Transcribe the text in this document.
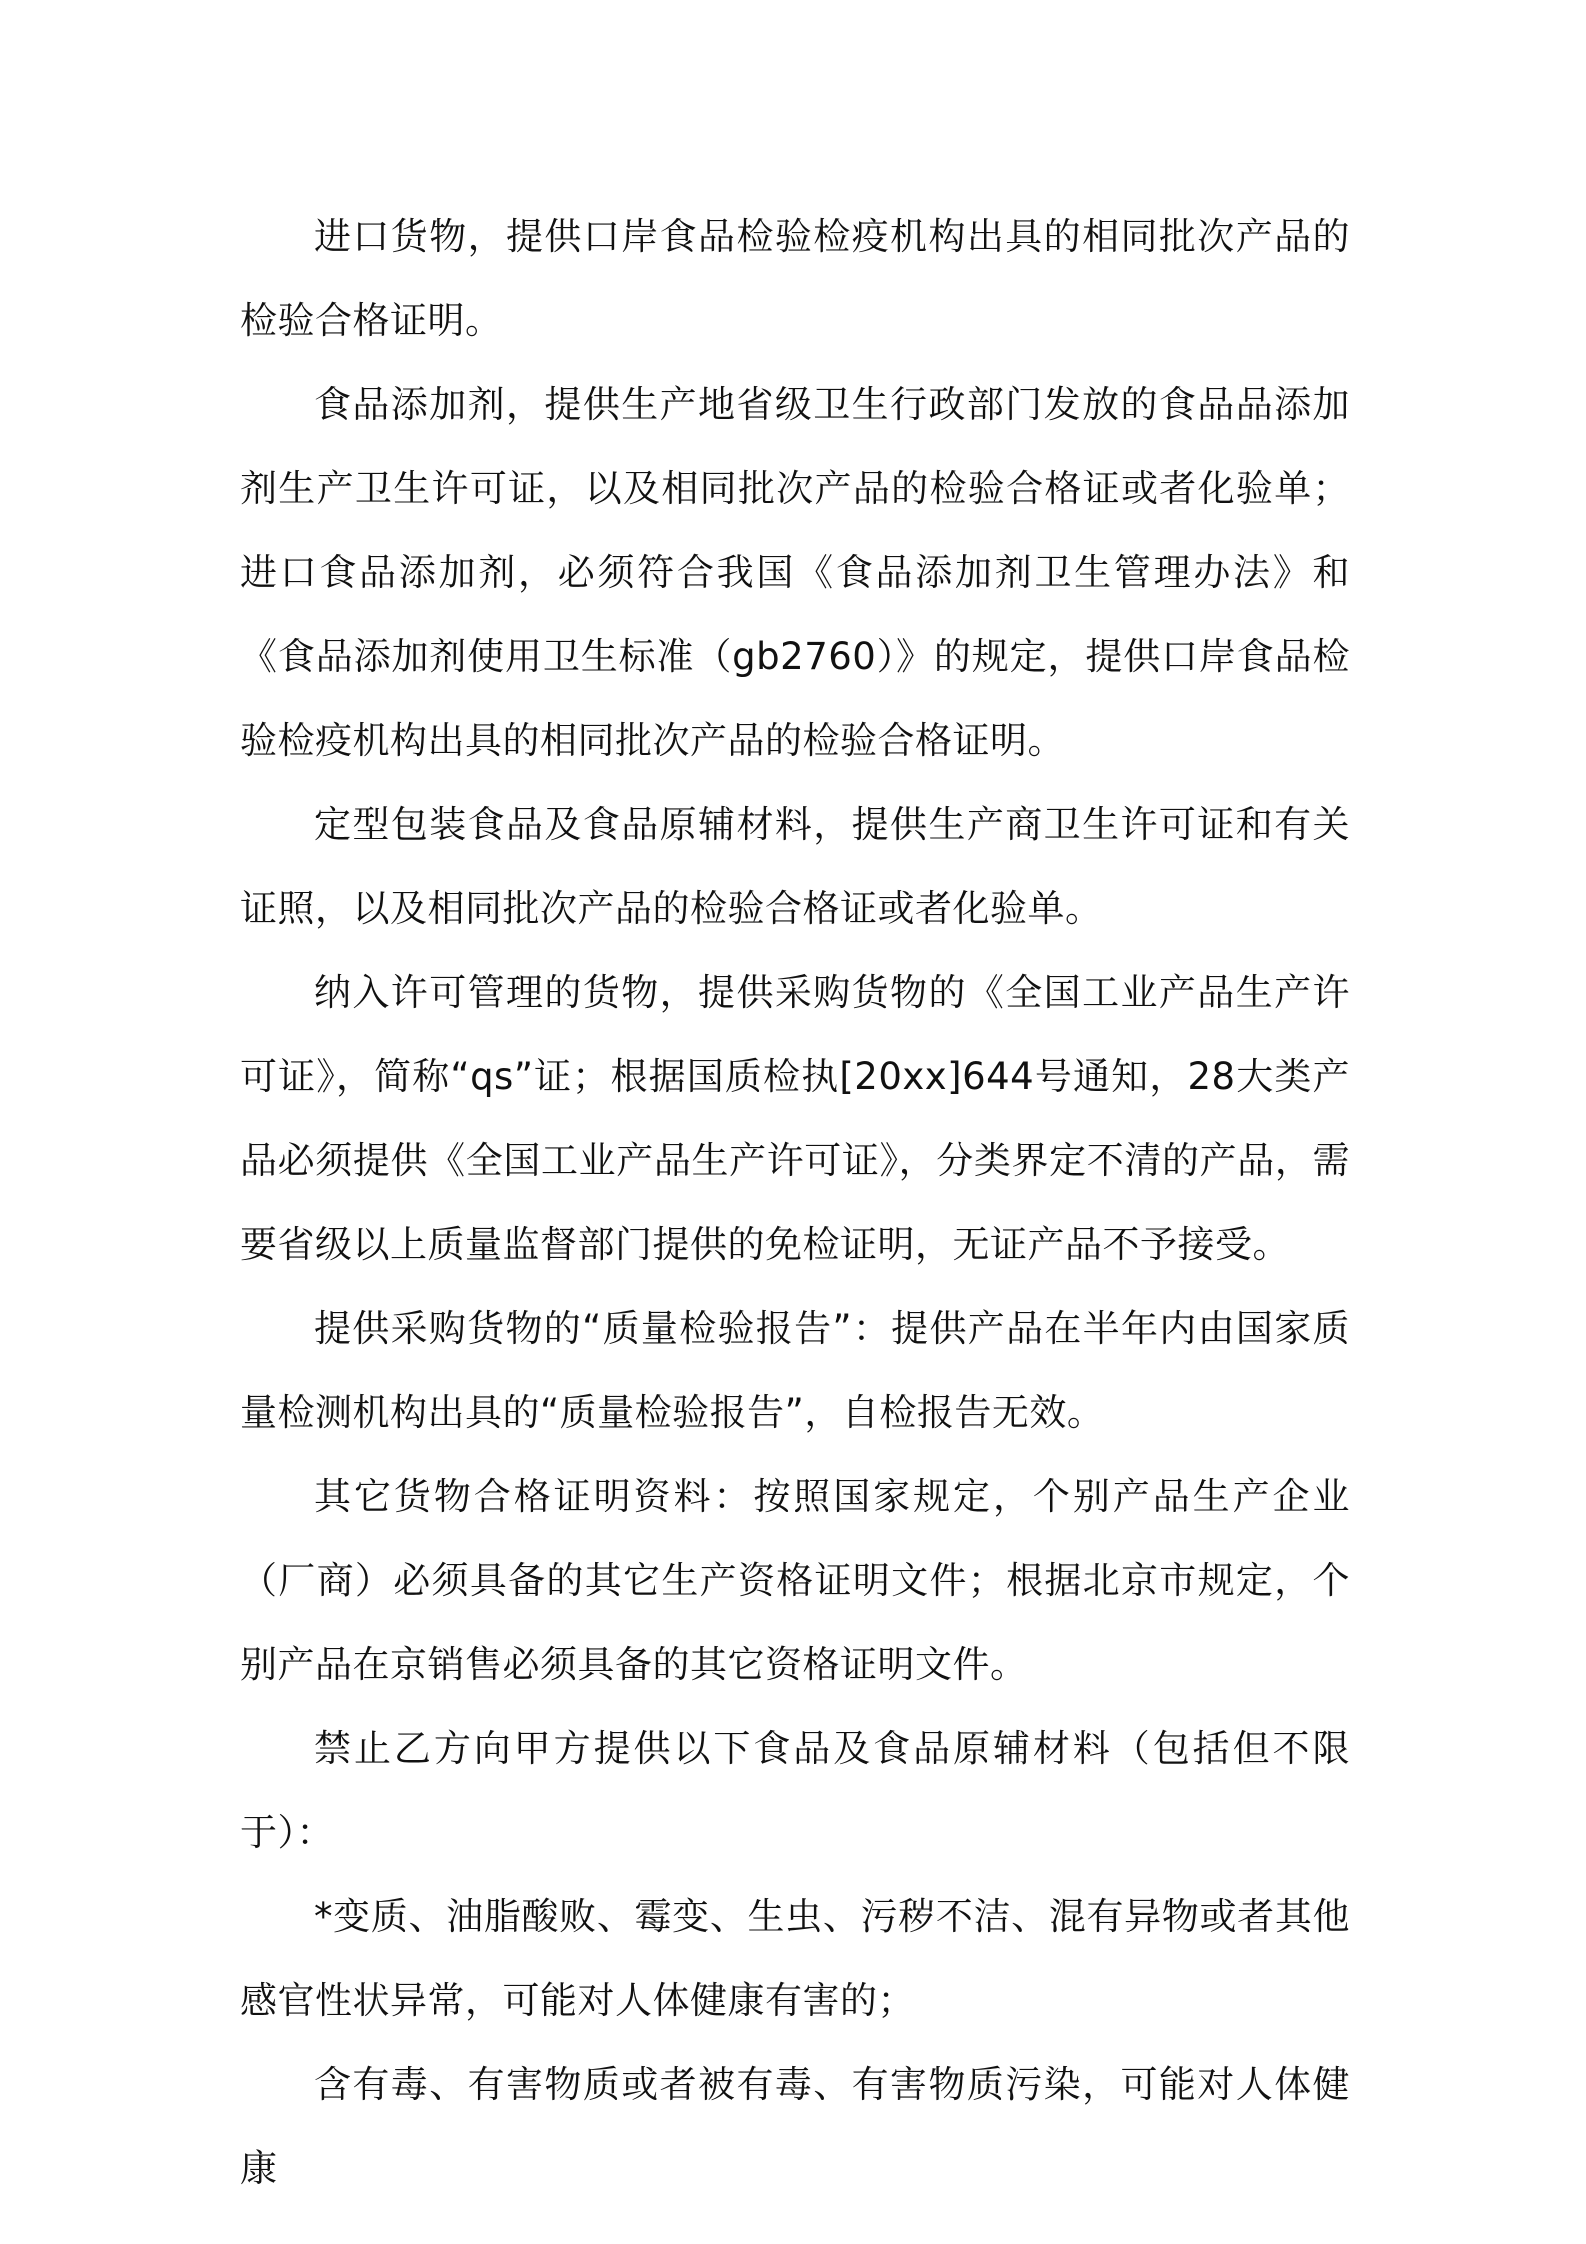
进口货物，提供口岸食品检验检疫机构出具的相同批次产品的检验合格证明。

食品添加剂，提供生产地省级卫生行政部门发放的食品品添加剂生产卫生许可证，以及相同批次产品的检验合格证或者化验单；进口食品添加剂，必须符合我国《食品添加剂卫生管理办法》和《食品添加剂使用卫生标准（gb2760）》的规定，提供口岸食品检验检疫机构出具的相同批次产品的检验合格证明。

定型包装食品及食品原辅材料，提供生产商卫生许可证和有关证照，以及相同批次产品的检验合格证或者化验单。

纳入许可管理的货物，提供采购货物的《全国工业产品生产许可证》，简称“qs”证；根据国质检执[20xx]644号通知，28大类产品必须提供《全国工业产品生产许可证》，分类界定不清的产品，需要省级以上质量监督部门提供的免检证明，无证产品不予接受。

提供采购货物的“质量检验报告”：提供产品在半年内由国家质量检测机构出具的“质量检验报告”，自检报告无效。

其它货物合格证明资料：按照国家规定，个别产品生产企业（厂商）必须具备的其它生产资格证明文件；根据北京市规定，个别产品在京销售必须具备的其它资格证明文件。

禁止乙方向甲方提供以下食品及食品原辅材料（包括但不限于）：

*变质、油脂酸败、霉变、生虫、污秽不洁、混有异物或者其他感官性状异常，可能对人体健康有害的；

含有毒、有害物质或者被有毒、有害物质污染，可能对人体健康
